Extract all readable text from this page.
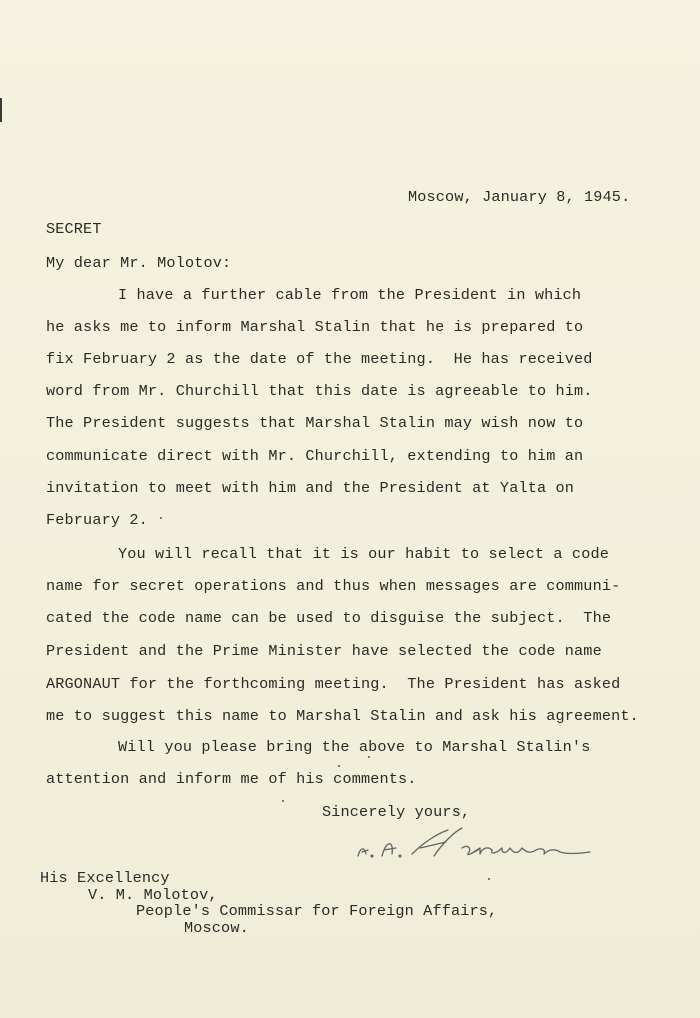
Moscow, January 8, 1945.
SECRET
My dear Mr. Molotov:
I have a further cable from the President in which
he asks me to inform Marshal Stalin that he is prepared to
fix February 2 as the date of the meeting.  He has received
word from Mr. Churchill that this date is agreeable to him.
The President suggests that Marshal Stalin may wish now to
communicate direct with Mr. Churchill, extending to him an
invitation to meet with him and the President at Yalta on
February 2.
You will recall that it is our habit to select a code
name for secret operations and thus when messages are communi-
cated the code name can be used to disguise the subject.  The
President and the Prime Minister have selected the code name
ARGONAUT for the forthcoming meeting.  The President has asked
me to suggest this name to Marshal Stalin and ask his agreement.
Will you please bring the above to Marshal Stalin's
attention and inform me of his comments.
Sincerely yours,
His Excellency
V. M. Molotov,
People's Commissar for Foreign Affairs,
Moscow.
